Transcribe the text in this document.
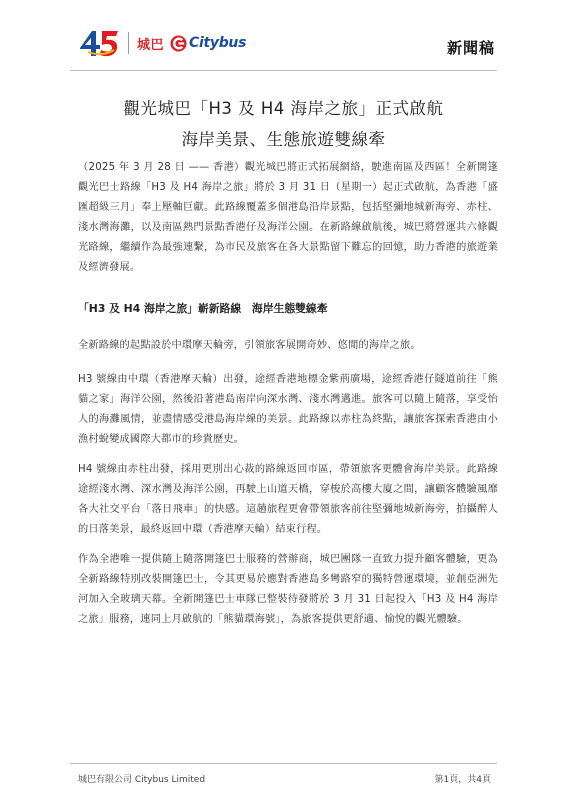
城巴 Citybus	新聞稿
觀光城巴「H3 及 H4 海岸之旅」正式啟航
海岸美景、生態旅遊雙線牽

（2025 年 3 月 28 日 —— 香港）觀光城巴將正式拓展網絡，駛進南區及西區！全新開篷觀光巴士路線「H3 及 H4 海岸之旅」將於 3 月 31 日（星期一）起正式啟航，為香港「盛匯超級三月」奉上壓軸巨獻。此路線覆蓋多個港島沿岸景點，包括堅彌地城新海旁、赤柱、淺水灣海灘，以及南區熱門景點香港仔及海洋公園。在新路線啟航後，城巴將營運共六條觀光路線，繼續作為最強連繫，為市民及旅客在各大景點留下難忘的回憶，助力香港的旅遊業及經濟發展。

「H3 及 H4 海岸之旅」嶄新路線　海岸生態雙線牽

全新路線的起點設於中環摩天輪旁，引領旅客展開奇妙、悠閒的海岸之旅。

H3 號線由中環（香港摩天輪）出發，途經香港地標金紫荊廣場，途經香港仔隧道前往「熊貓之家」海洋公園，然後沿著港島南岸向深水灣、淺水灣邁進。旅客可以隨上隨落，享受怡人的海灘風情，並盡情感受港島海岸線的美景。此路線以赤柱為終點，讓旅客探索香港由小漁村蛻變成國際大都市的珍貴歷史。

H4 號線由赤柱出發，採用更別出心裁的路線返回市區，帶領旅客更體會海岸美景。此路線途經淺水灣、深水灣及海洋公園，再駛上山道天橋，穿梭於高樓大廈之間，讓顧客體驗風靡各大社交平台「落日飛車」的快感。這趟旅程更會帶領旅客前往堅彌地城新海旁，拍攝醉人的日落美景，最終返回中環（香港摩天輪）結束行程。

作為全港唯一提供隨上隨落開篷巴士服務的營辦商，城巴團隊一直致力提升顧客體驗，更為全新路線特別改裝開篷巴士，令其更易於應對香港島多彎路窄的獨特營運環境，並創亞洲先河加入全玻璃天幕。全新開篷巴士車隊已整裝待發將於 3 月 31 日起投入「H3 及 H4 海岸之旅」服務，連同上月啟航的「熊貓環海號」，為旅客提供更舒適、愉悅的觀光體驗。

城巴有限公司 Citybus Limited	第1頁，共4頁
